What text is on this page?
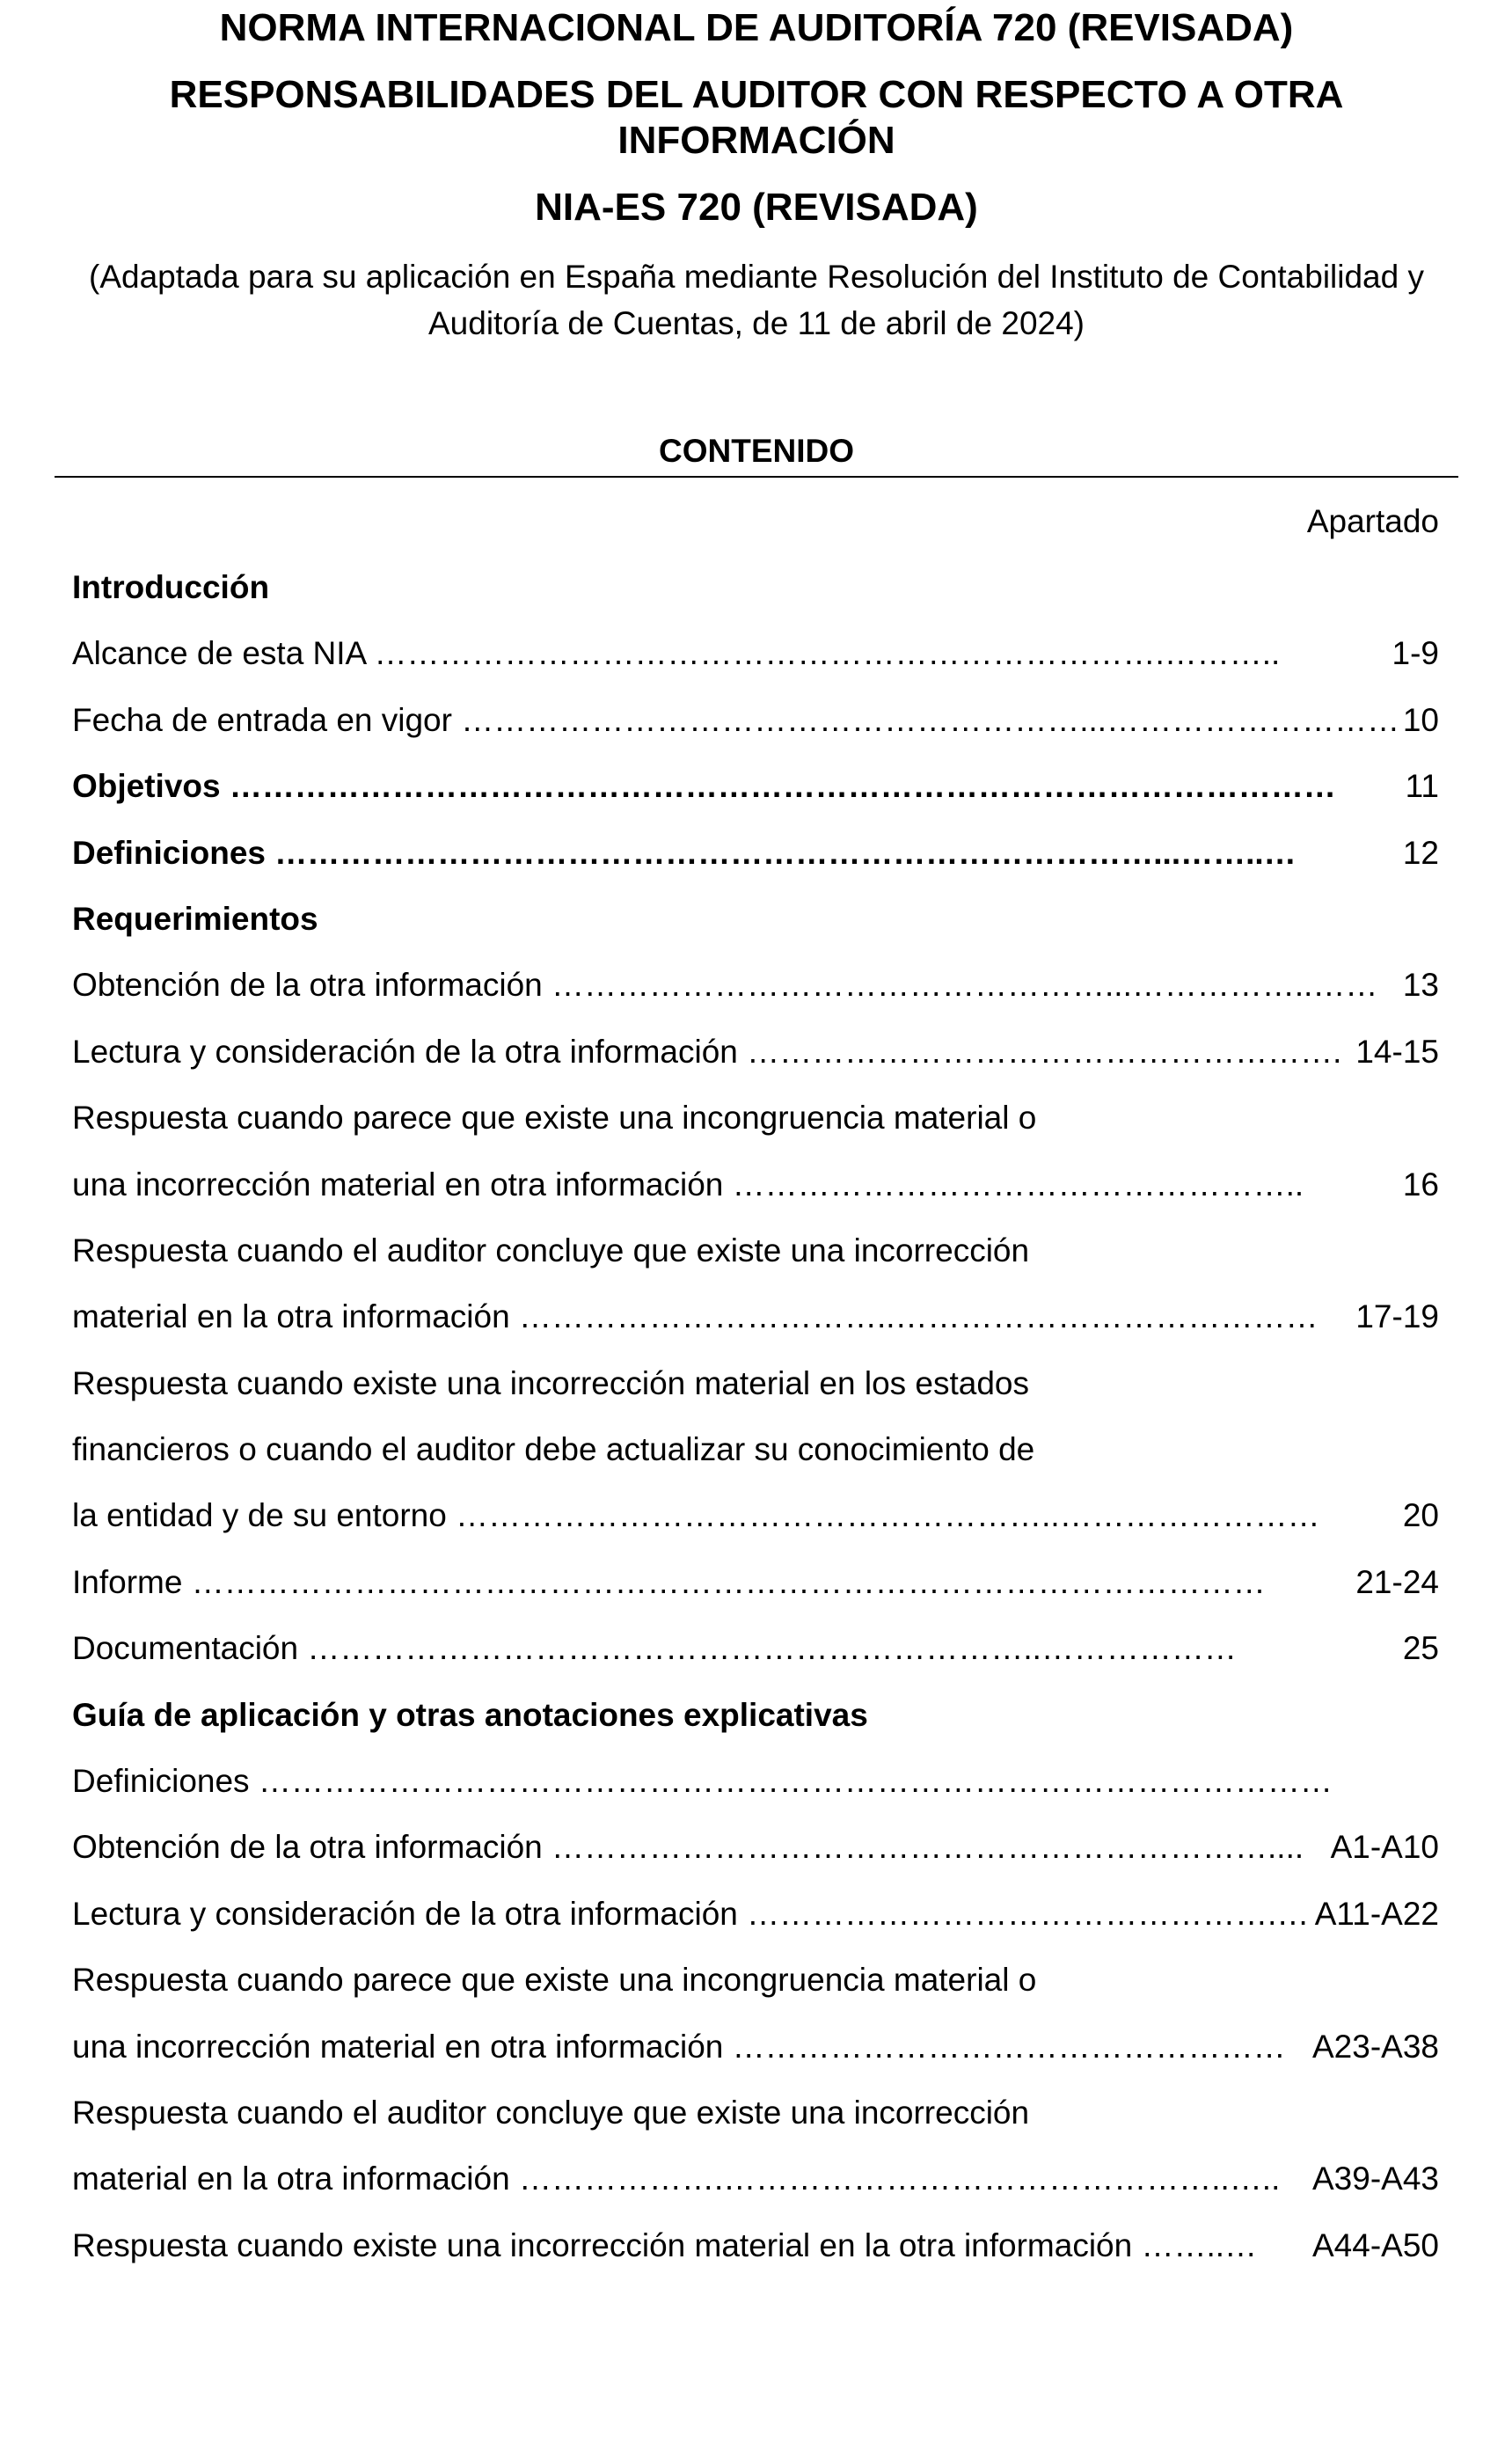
NORMA INTERNACIONAL DE AUDITORÍA 720 (REVISADA)
RESPONSABILIDADES DEL AUDITOR CON RESPECTO A OTRA
INFORMACIÓN
NIA-ES 720 (REVISADA)
(Adaptada para su aplicación en España mediante Resolución del Instituto de Contabilidad y
Auditoría de Cuentas, de 11 de abril de 2024)
CONTENIDO
Apartado
Introducción
Alcance de esta NIA ……………………………………………………………….………..	1-9
Fecha de entrada en vigor …………………………………………………...……………………… 10
Objetivos ………………………………………………………………………………………… 11
Definiciones ………………………………………………………………………...……..…	12
Requerimientos
Obtención de la otra información ……………………………………………...……………..…… 13
Lectura y consideración de la otra información ………………………………………………. 14-15
Respuesta cuando parece que existe una incongruencia material o
una incorrección material en otra información ……………………………………………..	16
Respuesta cuando el auditor concluye que existe una incorrección
material en la otra información ……………………………..………………………………… 17-19
Respuesta cuando existe una incorrección material en los estados
financieros o cuando el auditor debe actualizar su conocimiento de
la entidad y de su entorno ………………………………………………..……………………	20
Informe ………………………………………………………………………………………	21-24
Documentación …………………………………………………………..………………	25
Guía de aplicación y otras anotaciones explicativas
Definiciones ………………………………………………………………………………………
Obtención de la otra información ………………………………………………………….... A1-A10
Lectura y consideración de la otra información ………………………………………….… A11-A22
Respuesta cuando parece que existe una incongruencia material o
una incorrección material en otra información …………………………………………… A23-A38
Respuesta cuando el auditor concluye que existe una incorrección
material en la otra información ……………….………………………………………..….. A39-A43
Respuesta cuando existe una incorrección material en la otra información ……..… A44-A50
